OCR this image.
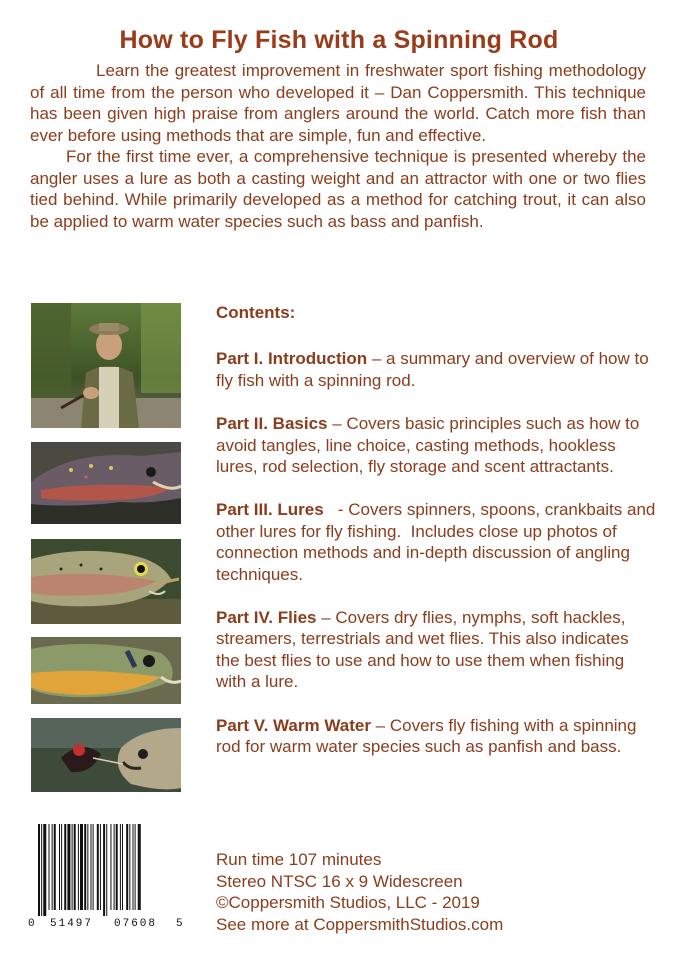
How to Fly Fish with a Spinning Rod

Learn the greatest improvement in freshwater sport fishing methodology of all time from the person who developed it – Dan Coppersmith. This technique has been given high praise from anglers around the world. Catch more fish than ever before using methods that are simple, fun and effective.

For the first time ever, a comprehensive technique is presented whereby the angler uses a lure as both a casting weight and an attractor with one or two flies tied behind. While primarily developed as a method for catching trout, it can also be applied to warm water species such as bass and panfish.

Contents:
Part I. Introduction – a summary and overview of how to fly fish with a spinning rod.
Part II. Basics – Covers basic principles such as how to avoid tangles, line choice, casting methods, hookless lures, rod selection, fly storage and scent attractants.
Part III. Lures   - Covers spinners, spoons, crankbaits and other lures for fly fishing.  Includes close up photos of connection methods and in-depth discussion of angling techniques.
Part IV. Flies – Covers dry flies, nymphs, soft hackles, streamers, terrestrials and wet flies. This also indicates the best flies to use and how to use them when fishing with a lure.
Part V. Warm Water – Covers fly fishing with a spinning rod for warm water species such as panfish and bass.
0 51497 07608 5
Run time 107 minutes
Stereo NTSC 16 x 9 Widescreen
©Coppersmith Studios, LLC - 2019
See more at CoppersmithStudios.com
